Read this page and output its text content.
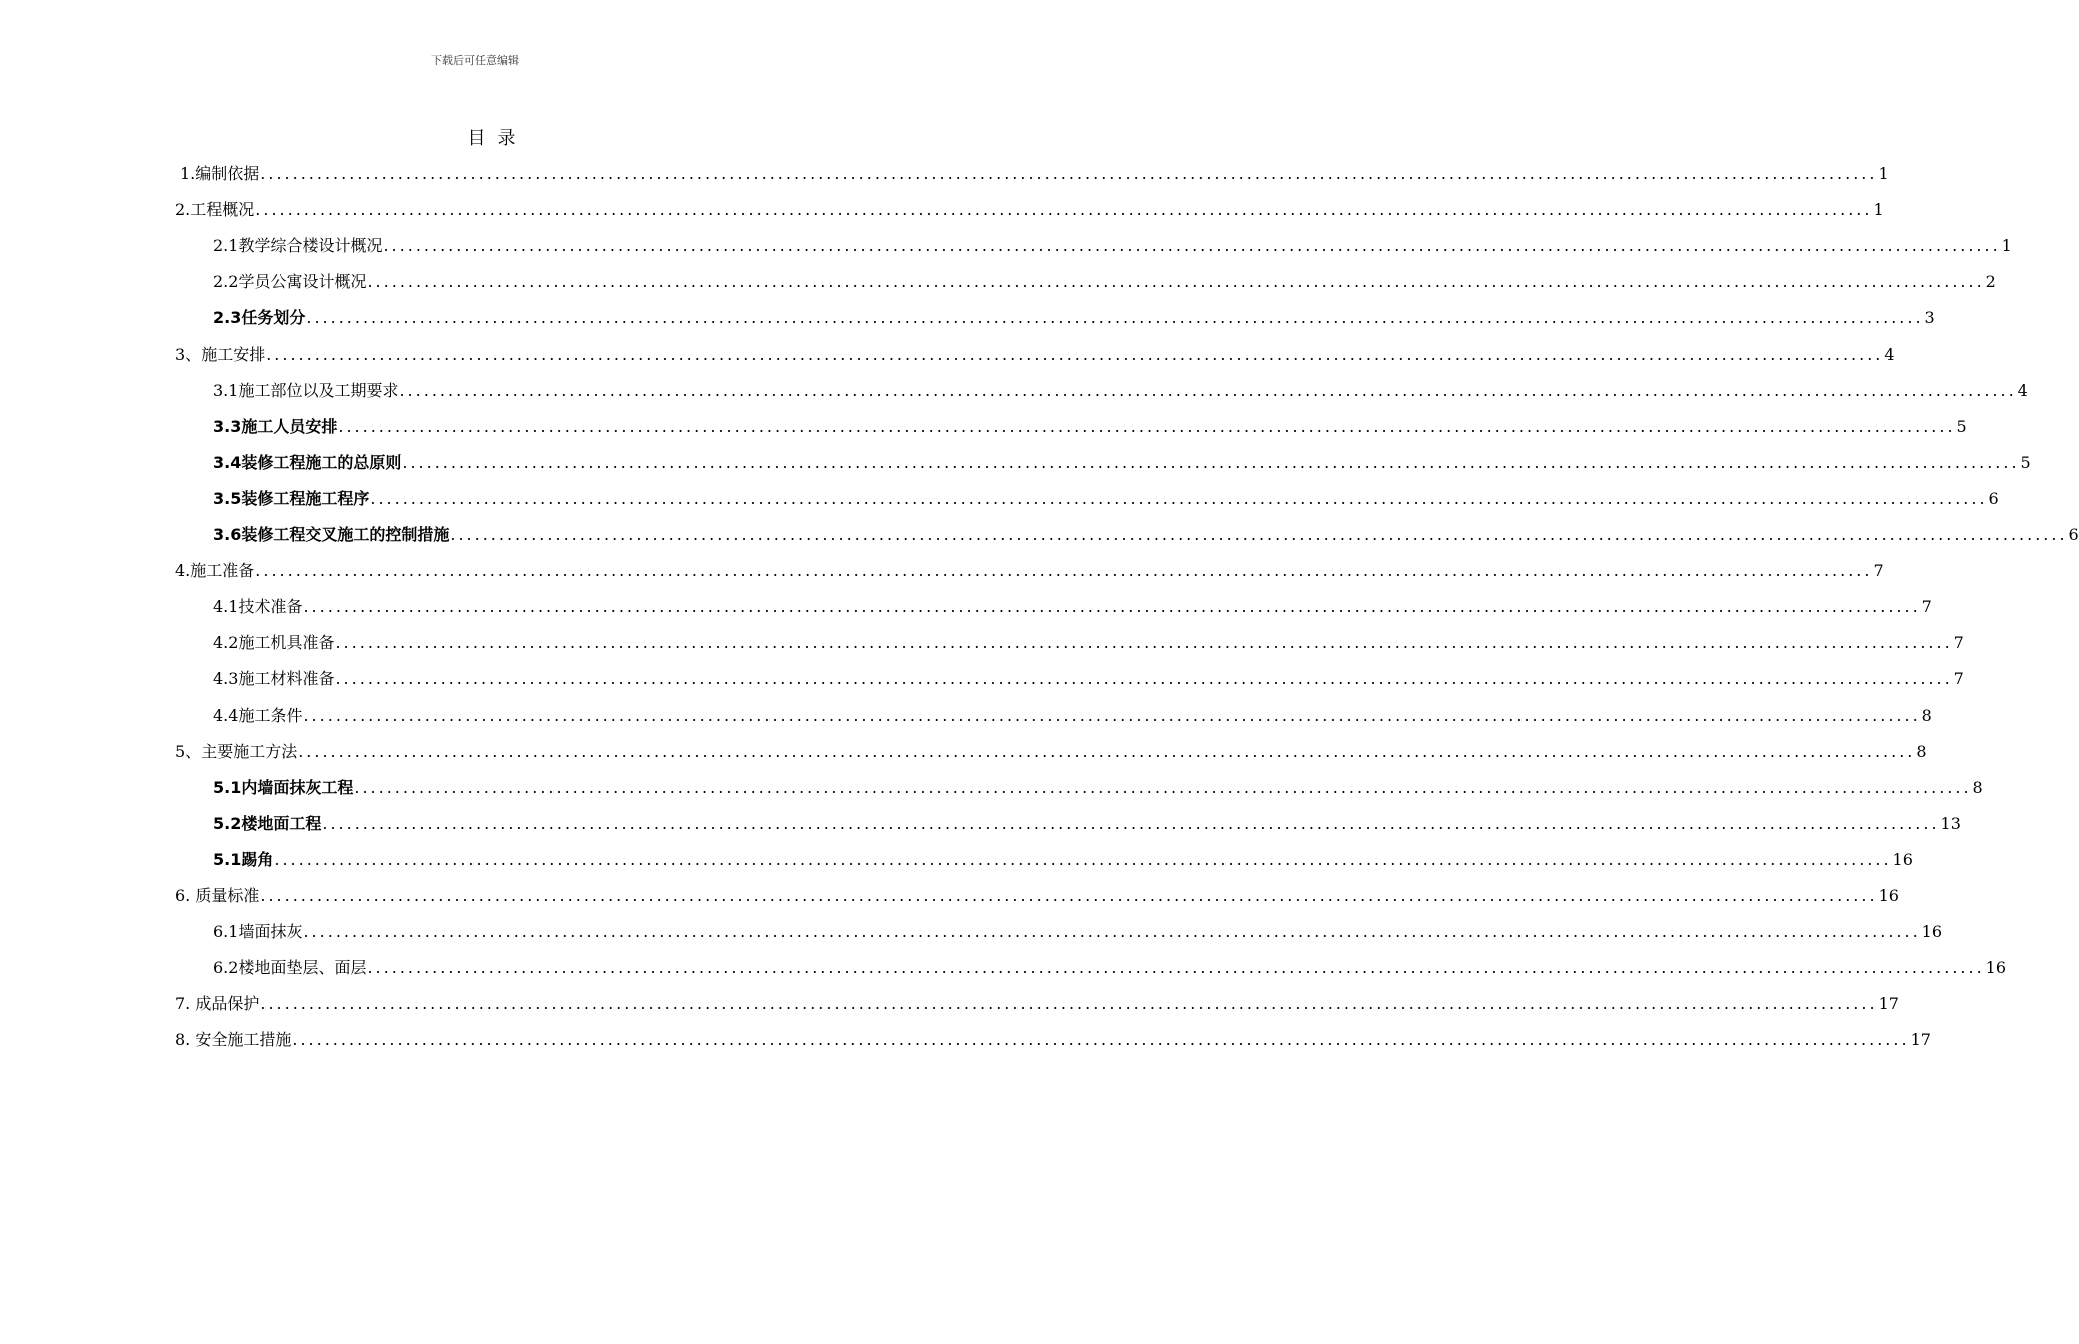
下载后可任意编辑
目录
1. 编制依据 ........................................................................................................................................................................................................ 1
2. 工程概况 ........................................................................................................................................................................................................ 1
2.1 教学综合楼设计概况 ........................................................................................................................................................................................................ 1
2.2 学员公寓设计概况 ........................................................................................................................................................................................................ 2
2.3 任务划分 ........................................................................................................................................................................................................ 3
3、 施工安排 ........................................................................................................................................................................................................ 4
3.1 施工部位以及工期要求 ........................................................................................................................................................................................................ 4
3.3 施工人员安排 ........................................................................................................................................................................................................ 5
3.4 装修工程施工的总原则 ........................................................................................................................................................................................................ 5
3.5 装修工程施工程序 ........................................................................................................................................................................................................ 6
3.6 装修工程交叉施工的控制措施 ........................................................................................................................................................................................................ 6
4. 施工准备 ........................................................................................................................................................................................................ 7
4.1 技术准备 ........................................................................................................................................................................................................ 7
4.2 施工机具准备 ........................................................................................................................................................................................................ 7
4.3 施工材料准备 ........................................................................................................................................................................................................ 7
4.4 施工条件 ........................................................................................................................................................................................................ 8
5、 主要施工方法 ........................................................................................................................................................................................................ 8
5.1 内墙面抹灰工程 ........................................................................................................................................................................................................ 8
5.2 楼地面工程 ........................................................................................................................................................................................................ 13
5.1 踢角 ........................................................................................................................................................................................................ 16
6. 质量标准 ........................................................................................................................................................................................................ 16
6.1 墙面抹灰 ........................................................................................................................................................................................................ 16
6.2 楼地面垫层、面层 ........................................................................................................................................................................................................ 16
7. 成品保护 ........................................................................................................................................................................................................ 17
8. 安全施工措施 ........................................................................................................................................................................................................ 17
